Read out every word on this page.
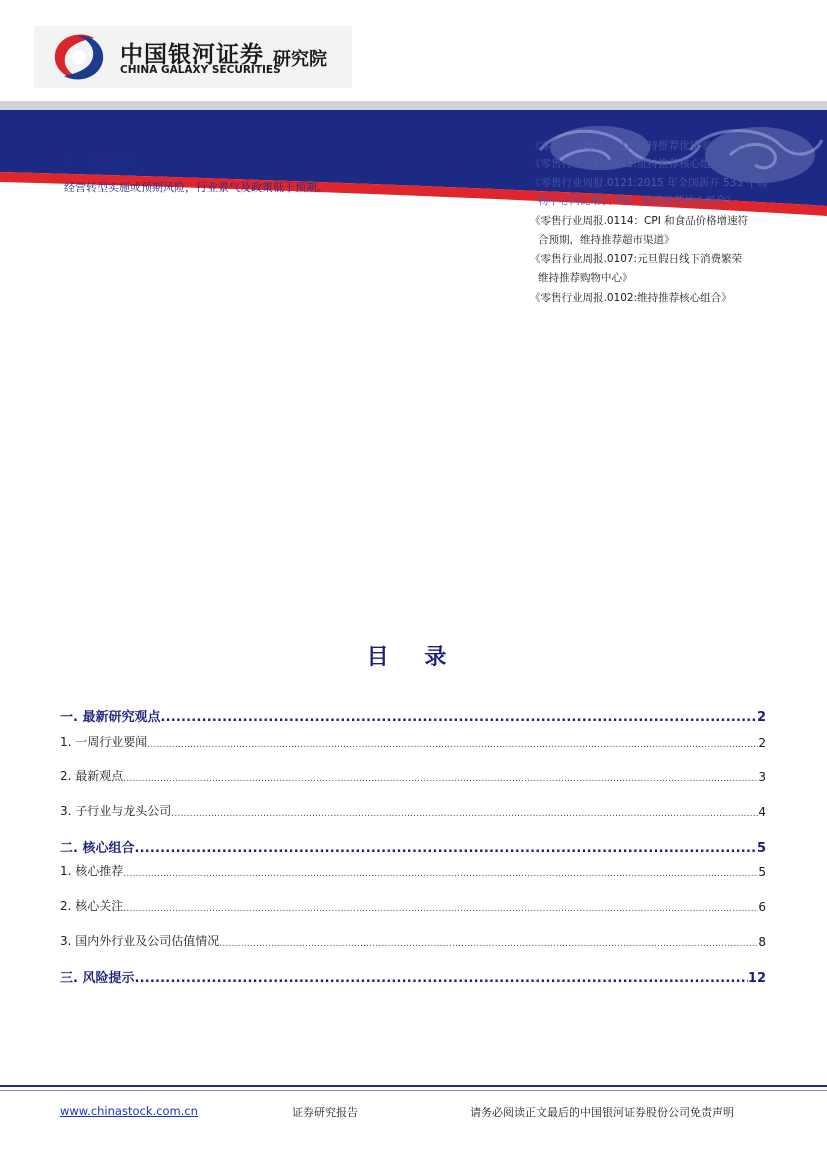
中国银河证券
CHINA GALAXY SECURITIES
研究院
3．风险提示
经营转型实施或预期风险，行业景气及政策低于预期。
《零售行业周报.0218:维持推荐优质零售企业》
《零售行业周报.0211:维持推荐核心组合》
《零售行业周报.0121:2015 年全国新开 533 个购
物中心同比增长 5%，维持推荐核心组合》
《零售行业周报.0114：CPI 和食品价格增速符
合预期，维持推荐超市渠道》
《零售行业周报.0107:元旦假日线下消费繁荣
维持推荐购物中心》
《零售行业周报.0102:维持推荐核心组合》
目 录
一. 最新研究观点 .....	2
1. 一周行业要闻 .....	2
2. 最新观点 .....	3
3. 子行业与龙头公司 .....	4
二. 核心组合 .....	5
1. 核心推荐 .....	5
2. 核心关注 .....	6
3. 国内外行业及公司估值情况 .....	8
三. 风险提示 .....	12
www.chinastock.com.cn	证券研究报告	请务必阅读正文最后的中国银河证券股份公司免责声明
